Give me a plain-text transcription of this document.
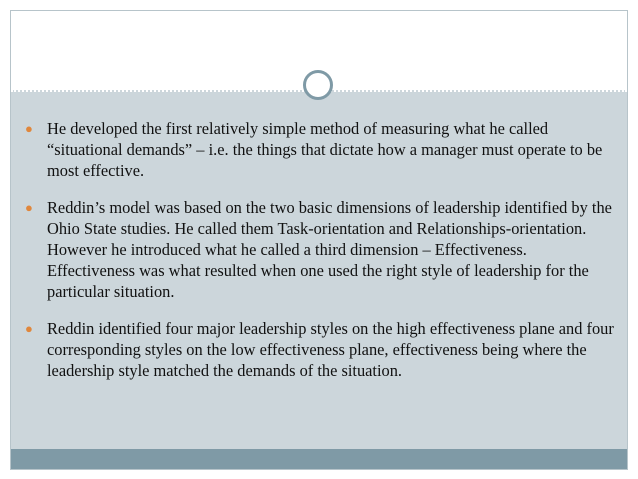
● He developed the first relatively simple method of measuring what he called “situational demands” – i.e. the things that dictate how a manager must operate to be most effective.
● Reddin’s model was based on the two basic dimensions of leadership identified by the Ohio State studies. He called them Task-orientation and Relationships-orientation. However he introduced what he called a third dimension – Effectiveness. Effectiveness was what resulted when one used the right style of leadership for the particular situation.
● Reddin identified four major leadership styles on the high effectiveness plane and four corresponding styles on the low effectiveness plane, effectiveness being where the leadership style matched the demands of the situation.
